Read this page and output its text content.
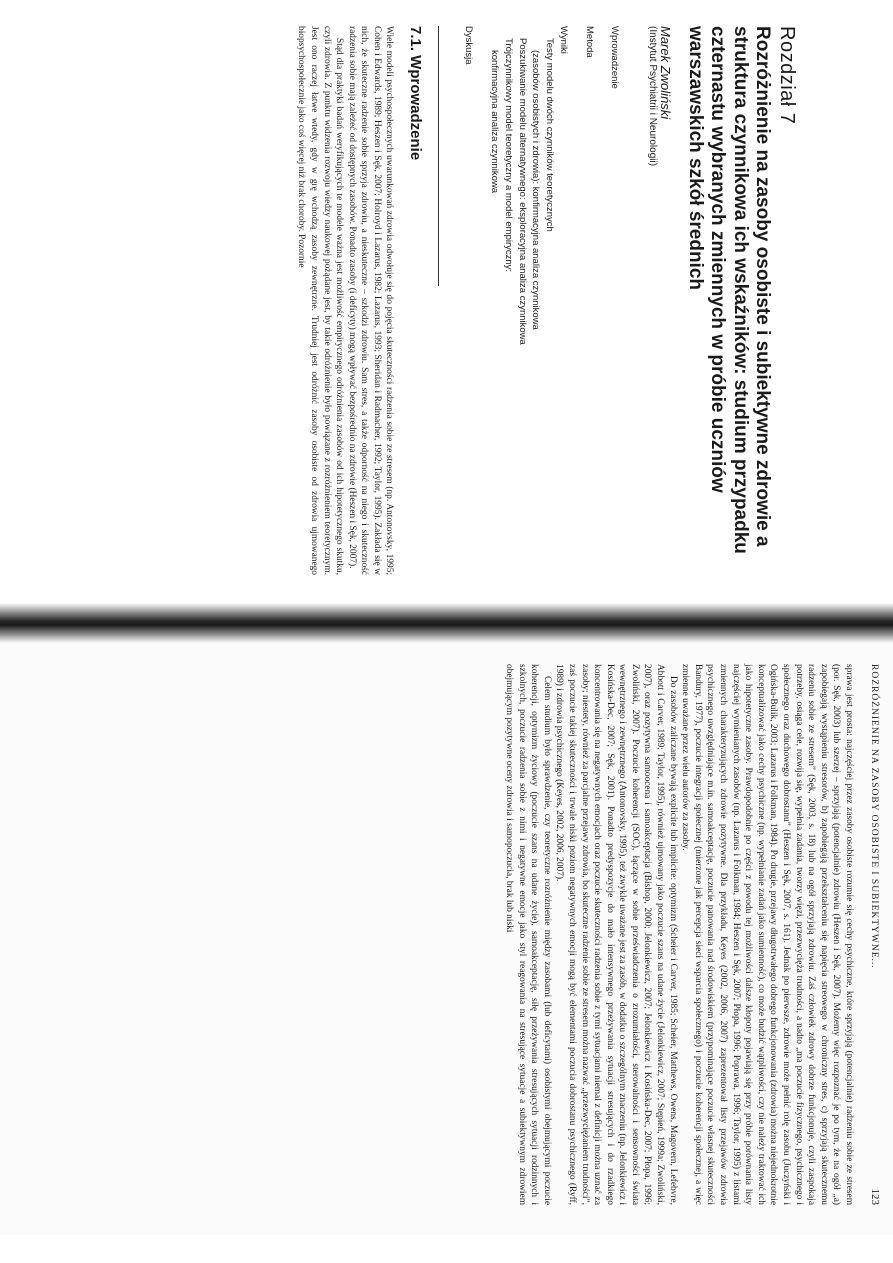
Rozdział 7
Rozróżnienie na zasoby osobiste i subiektywne zdrowie a struktura czynnikowa ich wskaźników: studium przypadku czternastu wybranych zmiennych w próbie uczniów warszawskich szkół średnich

Marek Zwoliński

(Instytut Psychiatrii i Neurologii)

Wprowadzenie
Metoda
Wyniki
Testy modelu dwóch czynników teoretycznych
(zasobów osobistych i zdrowia): konfirmacyjna analiza czynnikowa
Poszukiwanie modelu alternatywnego: eksploracyjna analiza czynnikowa
Trójczynnikowy model teoretyczny a model empiryczny:
konfirmacyjna analiza czynnikowa
Dyskusja
7.1. Wprowadzenie

Wiele modeli psychospołecznych uwarunkowań zdrowia odwołuje się do pojęcia skuteczności radzenia sobie ze stresem (np. Antonovsky, 1995; Cohen i Edwards, 1989; Heszen i Sęk, 2007; Holroyd i Lazarus, 1982; Lazarus, 1993; Sheridan i Radmacher, 1992; Taylor, 1995). Zakłada się w nich, że skuteczne radzenie sobie sprzyja zdrowiu, a nieskuteczne – szkodzi zdrowiu. Sam stres, a także odporność na niego i skuteczność radzenia sobie mają zależeć od dostępnych zasobów. Ponadto zasoby (i deficyty) mogą wpływać bezpośrednio na zdrowie (Heszen i Sęk, 2007).

Stąd dla praktyki badań weryfikujących te modele ważna jest możliwość empirycznego odróżnienia zasobów od ich hipotetycznego skutku, czyli zdrowia. Z punktu widzenia rozwoju wiedzy naukowej pożądane jest, by takie odróżnienie było powiązane z rozróżnieniem teoretycznym. Jest ono raczej łatwe wtedy, gdy w grę wchodzą zasoby zewnętrzne. Trudniej jest odróżnić zasoby osobiste od zdrowia ujmowanego biopsychospołecznie jako coś więcej niż brak choroby. Pozornie

ROZRÓŻNIENIE NA ZASOBY OSOBISTE I SUBIEKTYWNE...
123

sprawa jest prosta: najczęściej przez zasoby osobiste rozumie się cechy psychiczne, które sprzyjają (potencjalnie) radzeniu sobie ze stresem (por. Sęk, 2003) lub szerzej – sprzyjają (potencjalnie) zdrowiu (Heszen i Sęk, 2007). Możemy więc rozpoznać je po tym, że na ogół „a) zapobiegają wystąpieniu stresorów, b) zapobiegają przekształceniu się napięcia streowego w chroniczny stres, c) sprzyjają skutecznemu radzeniu sobie ze stresem” (Sęk, 2003, s. 18) lub na ogół sprzyjają zdrowiu. Zaś człowiek zdrowy dobrze funkcjonuje, czyli zaspokaja potrzeby, osiąga cele, rozwija się, wypełnia zadania, tworzy więzi, przezwycięża trudności, a nadto „ma poczucie fizycznego, psychicznego i społecznego oraz duchowego dobrostanu” (Heszen i Sęk, 2007, s. 161). Jednak po pierwsze, zdrowie może pełnić rolę zasobu (Juczyński i Ogińska-Bulik, 2003; Lazarus i Folkman, 1984). Po drugie, przejawy długotrwałego dobrego funkcjonowania (zdrowia) można niejednokrotnie konceptualizować jako cechy psychiczne (np. wypełnianie zadań jako sumienność), co może budzić wątpliwości, czy nie należy traktować ich jako hipotetyczne zasoby. Prawdopodobnie po części z powodu tej możliwości dalsze kłopoty pojawiają się przy próbie porównania listy najczęściej wymienianych zasobów (np. Lazarus i Folkman, 1984; Heszen i Sęk, 2007; Płopa, 1996; Poprawa, 1996; Taylor, 1995) z listami zmiennych charakteryzujących zdrowie pozytywne. Dla przykładu, Keyes (2002, 2006, 2007) zaprezentował listy przejawów zdrowia psychicznego uwzględniające m.in. samoakceptację, poczucie panowania nad środowiskiem (przypominające poczucie własnej skuteczności Bandury, 1977), poczucie integracji społecznej (mierzone jak percepcja sieci wsparcia społecznego) i poczucie koherencji społecznej, a więc zmienne uważane przez wielu autorów za zasoby.

Do zasobów zaliczane bywają explicite lub implicite: optymizm (Scheier i Carver, 1985; Scheier, Matthews, Owens, Magovern, Lefebvre, Abbott i Carver, 1989; Taylor, 1995), również ujmowany jako poczucie szans na udane życie (Jelonkiewicz, 2007; Stępień, 1999a; Zwoliński, 2007), oraz pozytywna samoocena i samoakceptacja (Bishop, 2000; Jelonkiewicz, 2007; Jelonkiewicz i Kosińska-Dec, 2007; Płopa, 1996; Zwoliński, 2007). Poczucie koherencji (SOC), łączące w sobie przeświadczenia o zrozumiałości, sterowalności i sensowności świata wewnętrznego i zewnętrznego (Antonovsky, 1995), też zwykle uważane jest za zasób, w dodatku o szczególnym znaczeniu (np. Jelonkiewicz i Kosińska-Dec, 2007; Sęk, 2001). Ponadto predyspozycje do mało intensywnego przeżywania sytuacji stresujących i do rzadkiego koncentrowania się na negatywnych emocjach oraz poczucie skuteczności radzenia sobie z tymi sytuacjami niemal z definicji można uznać za zasoby; niestety, również za parcjalne przejawy zdrowia, bo skuteczne radzenie sobie ze stresem można nazwać „przezwyciężaniem trudności”, zaś poczucie takiej skuteczności i trwale niski poziom negatywnych emocji mogą być elementami poczucia dobrostanu psychicznego (Ryff, 1989) i zdrowia psychicznego (Keyes, 2002, 2006, 2007).

Celem studium było sprawdzenie, czy teoretyczne rozróżnienie między zasobami (lub deficytami) osobistymi obejmującymi poczucie koherencji, optymizm życiowy (poczucie szans na udane życie), samoakceptację, siłę przeżywania stresujących sytuacji rodzinnych i szkolnych, poczucie radzenia sobie z nimi i negatywne emocje jako styl reagowania na stresujące sytuacje a subiektywnym zdrowiem obejmującym pozytywne oceny zdrowia i samopoczucia, brak lub niski
